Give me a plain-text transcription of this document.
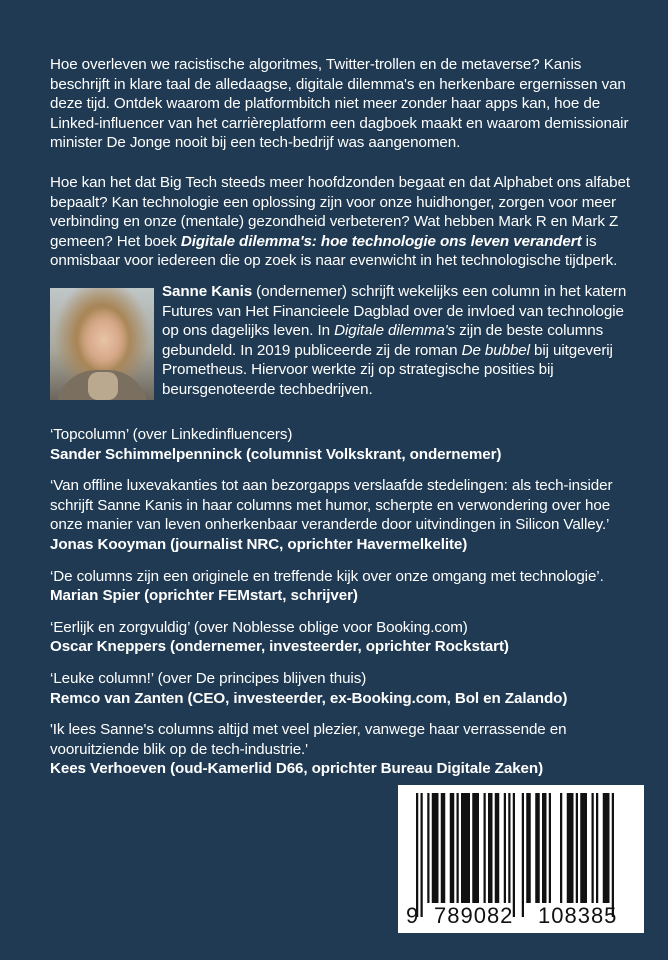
Hoe overleven we racistische algoritmes, Twitter-trollen en de metaverse? Kanis beschrijft in klare taal de alledaagse, digitale dilemma's en herkenbare ergernissen van deze tijd. Ontdek waarom de platformbitch niet meer zonder haar apps kan, hoe de Linked-influencer van het carrièreplatform een dagboek maakt en waarom demissionair minister De Jonge nooit bij een tech-bedrijf was aangenomen.

Hoe kan het dat Big Tech steeds meer hoofdzonden begaat en dat Alphabet ons alfabet bepaalt? Kan technologie een oplossing zijn voor onze huidhonger, zorgen voor meer verbinding en onze (mentale) gezondheid verbeteren? Wat hebben Mark R en Mark Z gemeen? Het boek Digitale dilemma's: hoe technologie ons leven verandert is onmisbaar voor iedereen die op zoek is naar evenwicht in het technologische tijdperk.

Sanne Kanis (ondernemer) schrijft wekelijks een column in het katern Futures van Het Financieele Dagblad over de invloed van technologie op ons dagelijks leven. In Digitale dilemma's zijn de beste columns gebundeld. In 2019 publiceerde zij de roman De bubbel bij uitgeverij Prometheus. Hiervoor werkte zij op strategische posities bij beursgenoteerde techbedrijven.

‘Topcolumn’ (over Linkedinfluencers)
Sander Schimmelpenninck (columnist Volkskrant, ondernemer)

‘Van offline luxevakanties tot aan bezorgapps verslaafde stedelingen: als tech-insider schrijft Sanne Kanis in haar columns met humor, scherpte en verwondering over hoe onze manier van leven onherkenbaar veranderde door uitvindingen in Silicon Valley.’
Jonas Kooyman (journalist NRC, oprichter Havermelkelite)

‘De columns zijn een originele en treffende kijk over onze omgang met technologie’.
Marian Spier (oprichter FEMstart, schrijver)

‘Eerlijk en zorgvuldig’ (over Noblesse oblige voor Booking.com)
Oscar Kneppers (ondernemer, investeerder, oprichter Rockstart)

‘Leuke column!’ (over De principes blijven thuis)
Remco van Zanten (CEO, investeerder, ex-Booking.com, Bol en Zalando)

'Ik lees Sanne's columns altijd met veel plezier, vanwege haar verrassende en vooruitziende blik op de tech-industrie.'
Kees Verhoeven (oud-Kamerlid D66, oprichter Bureau Digitale Zaken)

9 789082 108385
